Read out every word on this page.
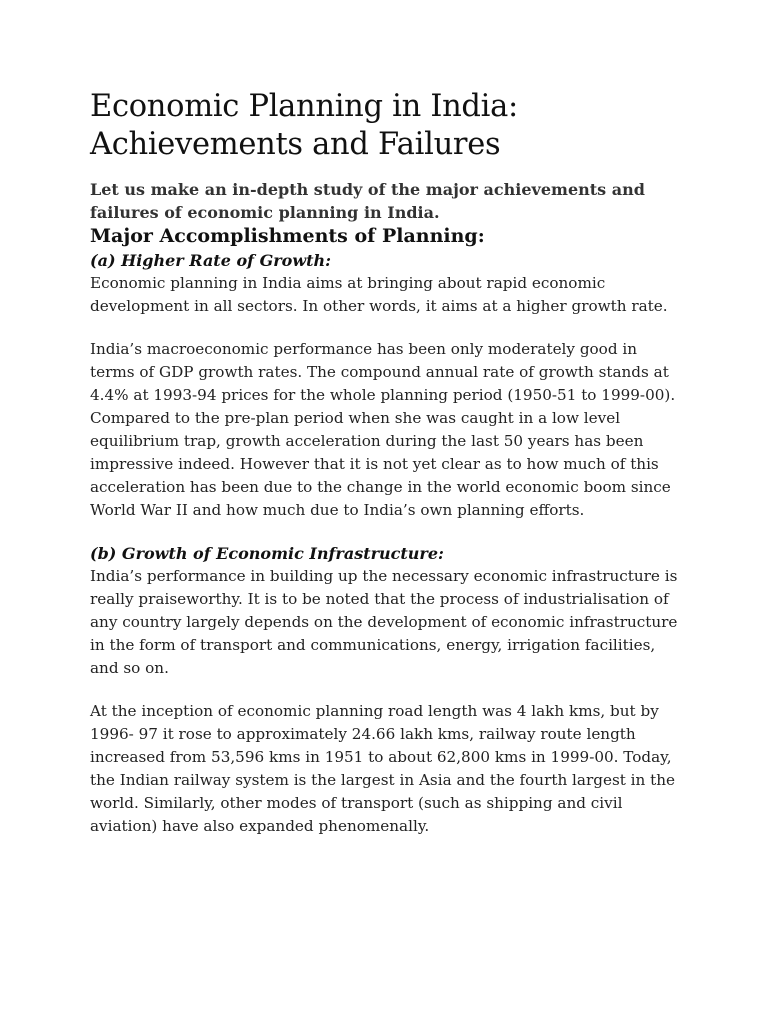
Economic Planning in India: Achievements and Failures

Let us make an in-depth study of the major achievements and failures of economic planning in India.

Major Accomplishments of Planning:
(a) Higher Rate of Growth:

Economic planning in India aims at bringing about rapid economic development in all sectors. In other words, it aims at a higher growth rate.

India’s macroeconomic performance has been only moderately good in terms of GDP growth rates. The compound annual rate of growth stands at 4.4% at 1993-94 prices for the whole planning period (1950-51 to 1999-00). Compared to the pre-plan period when she was caught in a low level equilibrium trap, growth acceleration during the last 50 years has been impressive indeed. However that it is not yet clear as to how much of this acceleration has been due to the change in the world economic boom since World War II and how much due to India’s own planning efforts.

(b) Growth of Economic Infrastructure:

India’s performance in building up the necessary economic infrastructure is really praiseworthy. It is to be noted that the process of industrialisation of any country largely depends on the development of economic infrastructure in the form of transport and communications, energy, irrigation facilities, and so on.

At the inception of economic planning road length was 4 lakh kms, but by 1996- 97 it rose to approximately 24.66 lakh kms, railway route length increased from 53,596 kms in 1951 to about 62,800 kms in 1999-00. Today, the Indian railway system is the largest in Asia and the fourth largest in the world. Similarly, other modes of transport (such as shipping and civil aviation) have also expanded phenomenally.
